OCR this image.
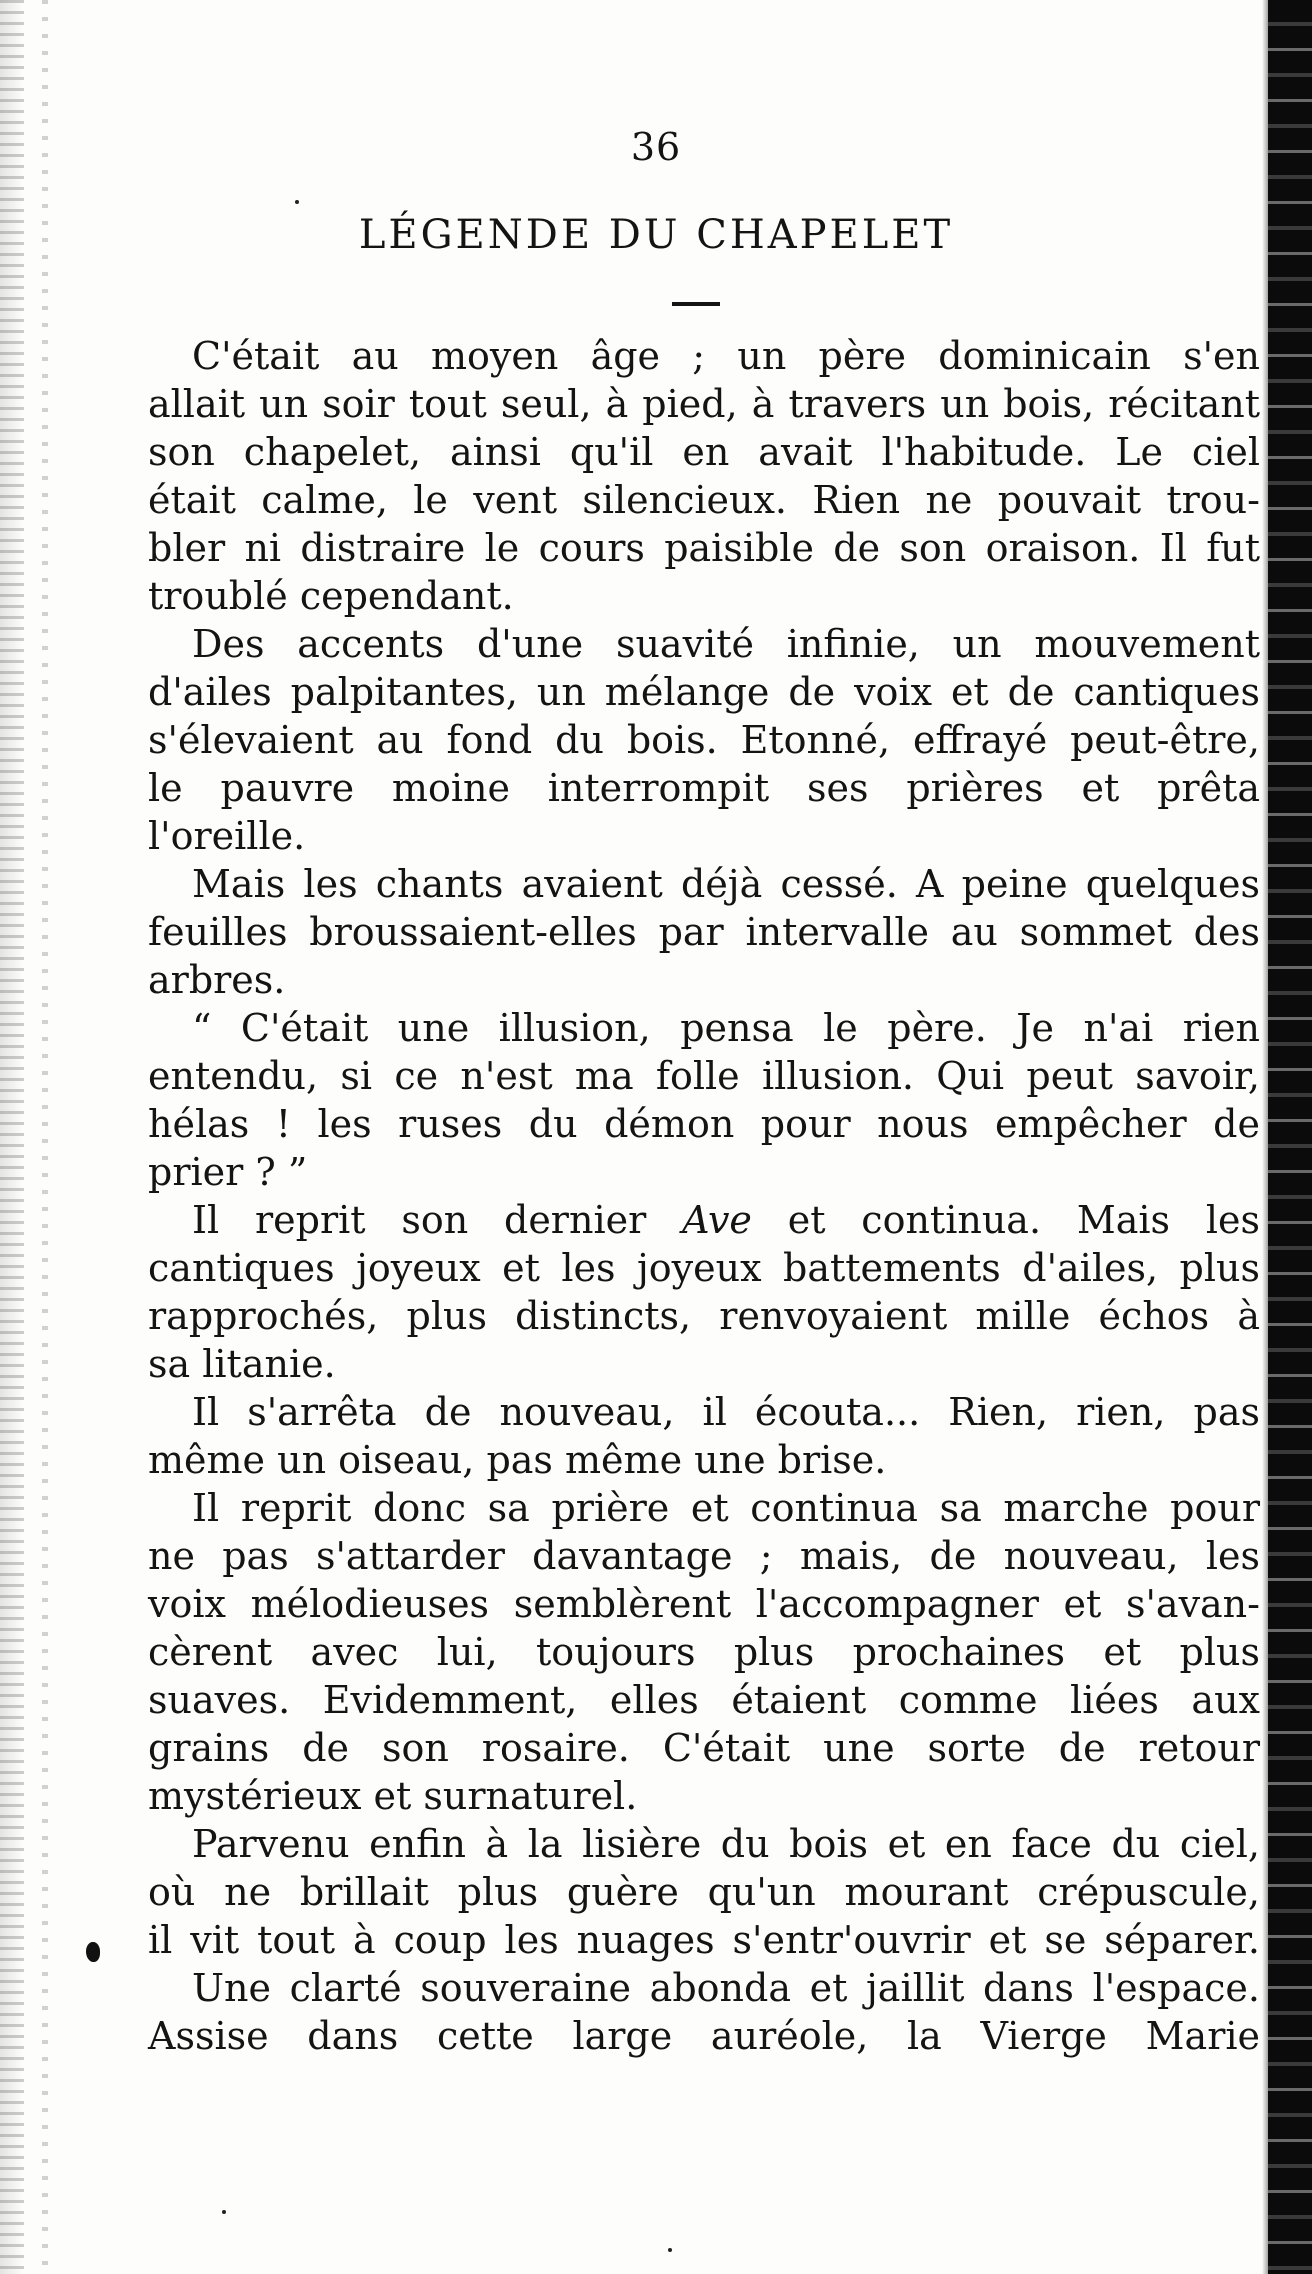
36
LÉGENDE DU CHAPELET
C'était au moyen âge ; un père dominicain s'en
allait un soir tout seul, à pied, à travers un bois, récitant
son chapelet, ainsi qu'il en avait l'habitude. Le ciel
était calme, le vent silencieux. Rien ne pouvait trou-
bler ni distraire le cours paisible de son oraison. Il fut
troublé cependant.
Des accents d'une suavité infinie, un mouvement
d'ailes palpitantes, un mélange de voix et de cantiques
s'élevaient au fond du bois. Etonné, effrayé peut-être,
le pauvre moine interrompit ses prières et prêta
l'oreille.
Mais les chants avaient déjà cessé. A peine quelques
feuilles broussaient-elles par intervalle au sommet des
arbres.
“ C'était une illusion, pensa le père. Je n'ai rien
entendu, si ce n'est ma folle illusion. Qui peut savoir,
hélas ! les ruses du démon pour nous empêcher de
prier ? ”
Il reprit son dernier Ave et continua. Mais les
cantiques joyeux et les joyeux battements d'ailes, plus
rapprochés, plus distincts, renvoyaient mille échos à
sa litanie.
Il s'arrêta de nouveau, il écouta... Rien, rien, pas
même un oiseau, pas même une brise.
Il reprit donc sa prière et continua sa marche pour
ne pas s'attarder davantage ; mais, de nouveau, les
voix mélodieuses semblèrent l'accompagner et s'avan-
cèrent avec lui, toujours plus prochaines et plus
suaves. Evidemment, elles étaient comme liées aux
grains de son rosaire. C'était une sorte de retour
mystérieux et surnaturel.
Parvenu enfin à la lisière du bois et en face du ciel,
où ne brillait plus guère qu'un mourant crépuscule,
il vit tout à coup les nuages s'entr'ouvrir et se séparer.
Une clarté souveraine abonda et jaillit dans l'espace.
Assise dans cette large auréole, la Vierge Marie
